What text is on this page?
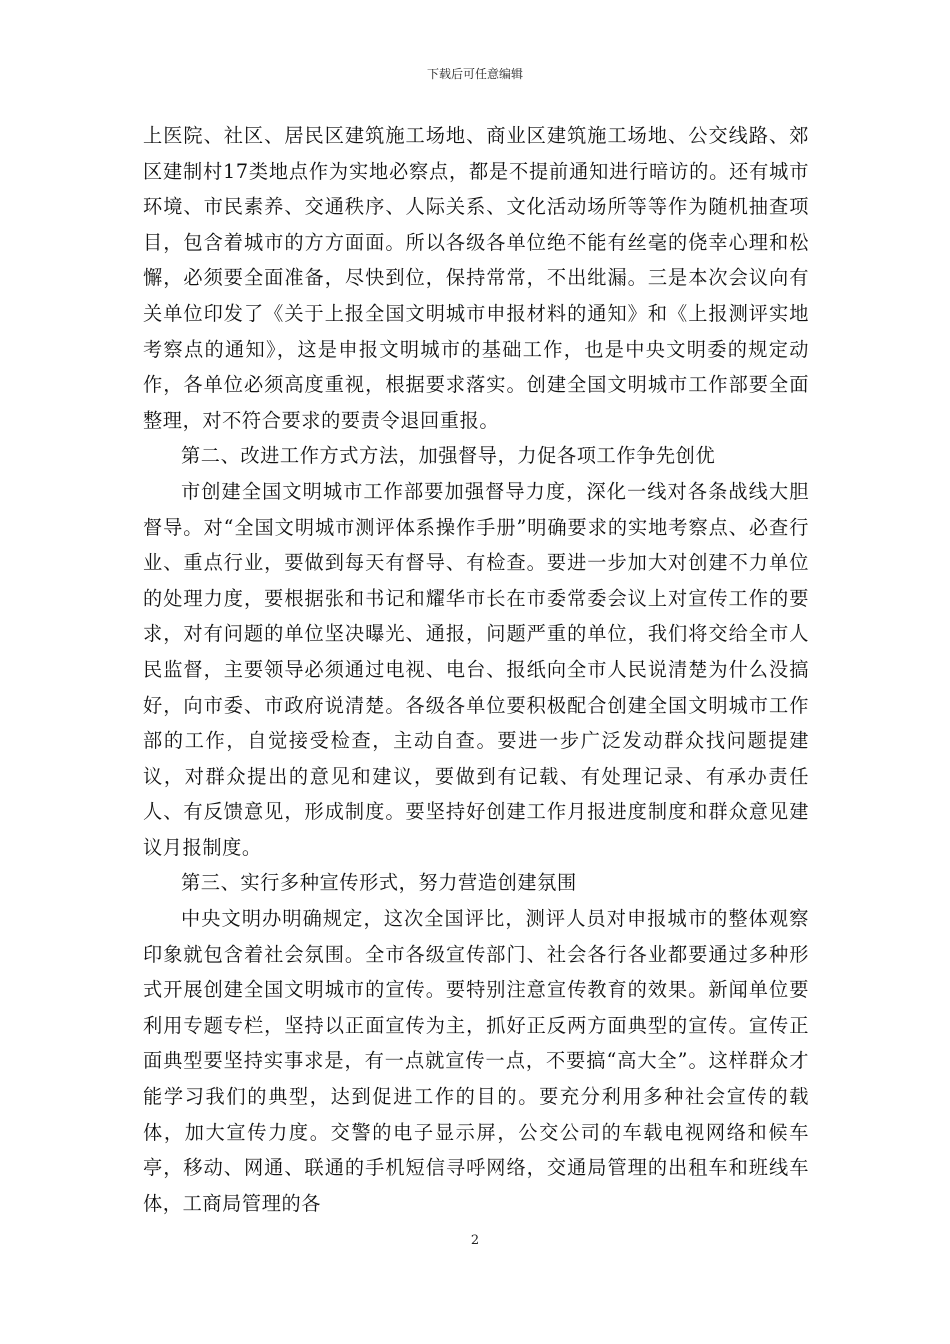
下载后可任意编辑

上医院、社区、居民区建筑施工场地、商业区建筑施工场地、公交线路、郊区建制村17类地点作为实地必察点，都是不提前通知进行暗访的。还有城市环境、市民素养、交通秩序、人际关系、文化活动场所等等作为随机抽查项目，包含着城市的方方面面。所以各级各单位绝不能有丝毫的侥幸心理和松懈，必须要全面准备，尽快到位，保持常常，不出纰漏。三是本次会议向有关单位印发了《关于上报全国文明城市申报材料的通知》和《上报测评实地考察点的通知》，这是申报文明城市的基础工作，也是中央文明委的规定动作，各单位必须高度重视，根据要求落实。创建全国文明城市工作部要全面整理，对不符合要求的要责令退回重报。

第二、改进工作方式方法，加强督导，力促各项工作争先创优

市创建全国文明城市工作部要加强督导力度，深化一线对各条战线大胆督导。对“全国文明城市测评体系操作手册”明确要求的实地考察点、必查行业、重点行业，要做到每天有督导、有检查。要进一步加大对创建不力单位的处理力度，要根据张和书记和耀华市长在市委常委会议上对宣传工作的要求，对有问题的单位坚决曝光、通报，问题严重的单位，我们将交给全市人民监督，主要领导必须通过电视、电台、报纸向全市人民说清楚为什么没搞好，向市委、市政府说清楚。各级各单位要积极配合创建全国文明城市工作部的工作，自觉接受检查，主动自查。要进一步广泛发动群众找问题提建议，对群众提出的意见和建议，要做到有记载、有处理记录、有承办责任人、有反馈意见，形成制度。要坚持好创建工作月报进度制度和群众意见建议月报制度。

第三、实行多种宣传形式，努力营造创建氛围

中央文明办明确规定，这次全国评比，测评人员对申报城市的整体观察印象就包含着社会氛围。全市各级宣传部门、社会各行各业都要通过多种形式开展创建全国文明城市的宣传。要特别注意宣传教育的效果。新闻单位要利用专题专栏，坚持以正面宣传为主，抓好正反两方面典型的宣传。宣传正面典型要坚持实事求是，有一点就宣传一点，不要搞“高大全”。这样群众才能学习我们的典型，达到促进工作的目的。要充分利用多种社会宣传的载体，加大宣传力度。交警的电子显示屏，公交公司的车载电视网络和候车亭，移动、网通、联通的手机短信寻呼网络，交通局管理的出租车和班线车体，工商局管理的各

2
